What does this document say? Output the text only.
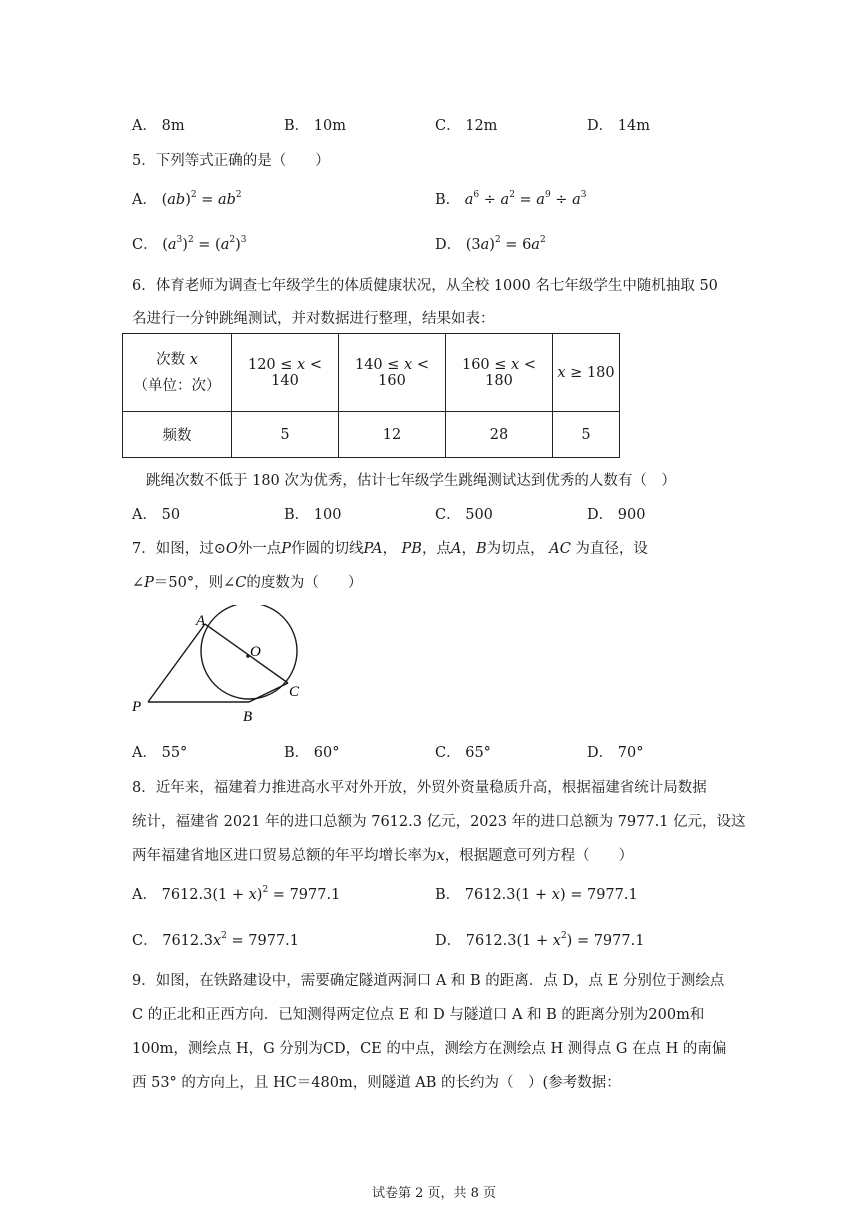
A． 8m	B． 10m	C． 12m	D． 14m
5．下列等式正确的是（　　）
A． $(ab)^2 = ab^2$	B． $a^6 \div a^2 = a^9 \div a^3$
C． $(a^3)^2 = (a^2)^3$	D． $(3a)^2 = 6a^2$
6．体育老师为调查七年级学生的体质健康状况，从全校 1000 名七年级学生中随机抽取 50
名进行一分钟跳绳测试，并对数据进行整理，结果如表：
次数 x
（单位：次）	120 ≤ x < 140	140 ≤ x < 160	160 ≤ x < 180	x ≥ 180
频数	5	12	28	5
跳绳次数不低于 180 次为优秀，估计七年级学生跳绳测试达到优秀的人数有（　）
A． 50	B． 100	C． 500	D． 900
7．如图，过⊙O外一点P作圆的切线PA， PB，点A，B为切点， AC 为直径，设
∠P＝50°，则∠C的度数为（　　）
A
O
C
P
B
A． 55°	B． 60°	C． 65°	D． 70°
8．近年来，福建着力推进高水平对外开放，外贸外资量稳质升高，根据福建省统计局数据
统计，福建省 2021 年的进口总额为 7612.3 亿元，2023 年的进口总额为 7977.1 亿元，设这
两年福建省地区进口贸易总额的年平均增长率为x，根据题意可列方程（　　）
A． $7612.3(1 + x)^2 = 7977.1$	B． 7612.3(1 + x) = 7977.1
C． $7612.3x^2 = 7977.1$	D． $7612.3(1 + x^2) = 7977.1$
9．如图，在铁路建设中，需要确定隧道两洞口 A 和 B 的距离．点 D，点 E 分别位于测绘点
C 的正北和正西方向．已知测得两定位点 E 和 D 与隧道口 A 和 B 的距离分别为200m和
100m，测绘点 H，G 分别为CD，CE 的中点，测绘方在测绘点 H 测得点 G 在点 H 的南偏
西 53° 的方向上，且 HC＝480m，则隧道 AB 的长约为（　）(参考数据：
试卷第 2 页，共 8 页
